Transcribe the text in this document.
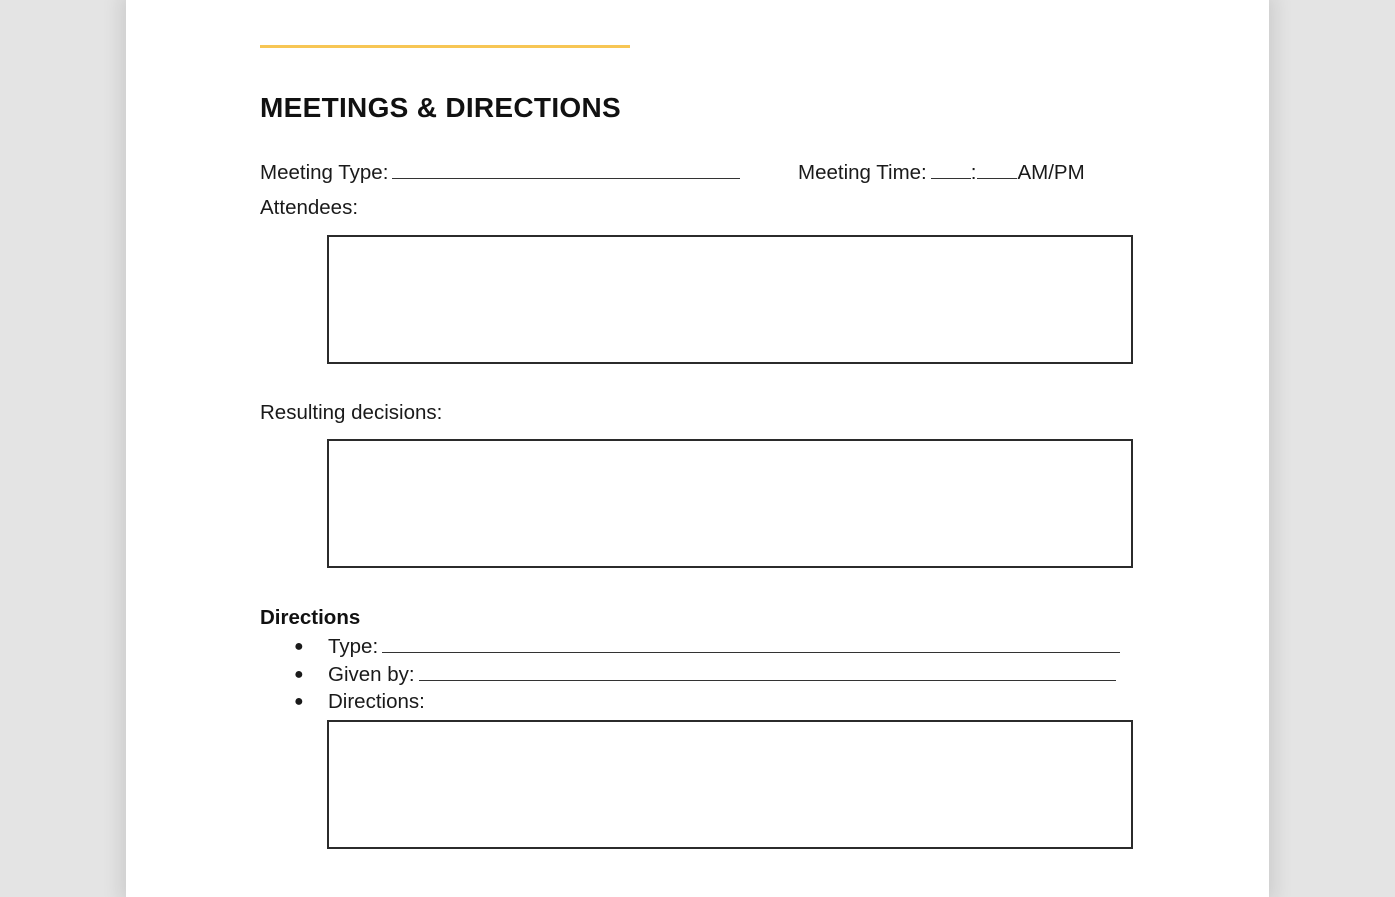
MEETINGS & DIRECTIONS
Meeting Type:	Meeting Time: : AM/PM
Attendees:
Resulting decisions:
Directions
● Type:
● Given by:
● Directions:
